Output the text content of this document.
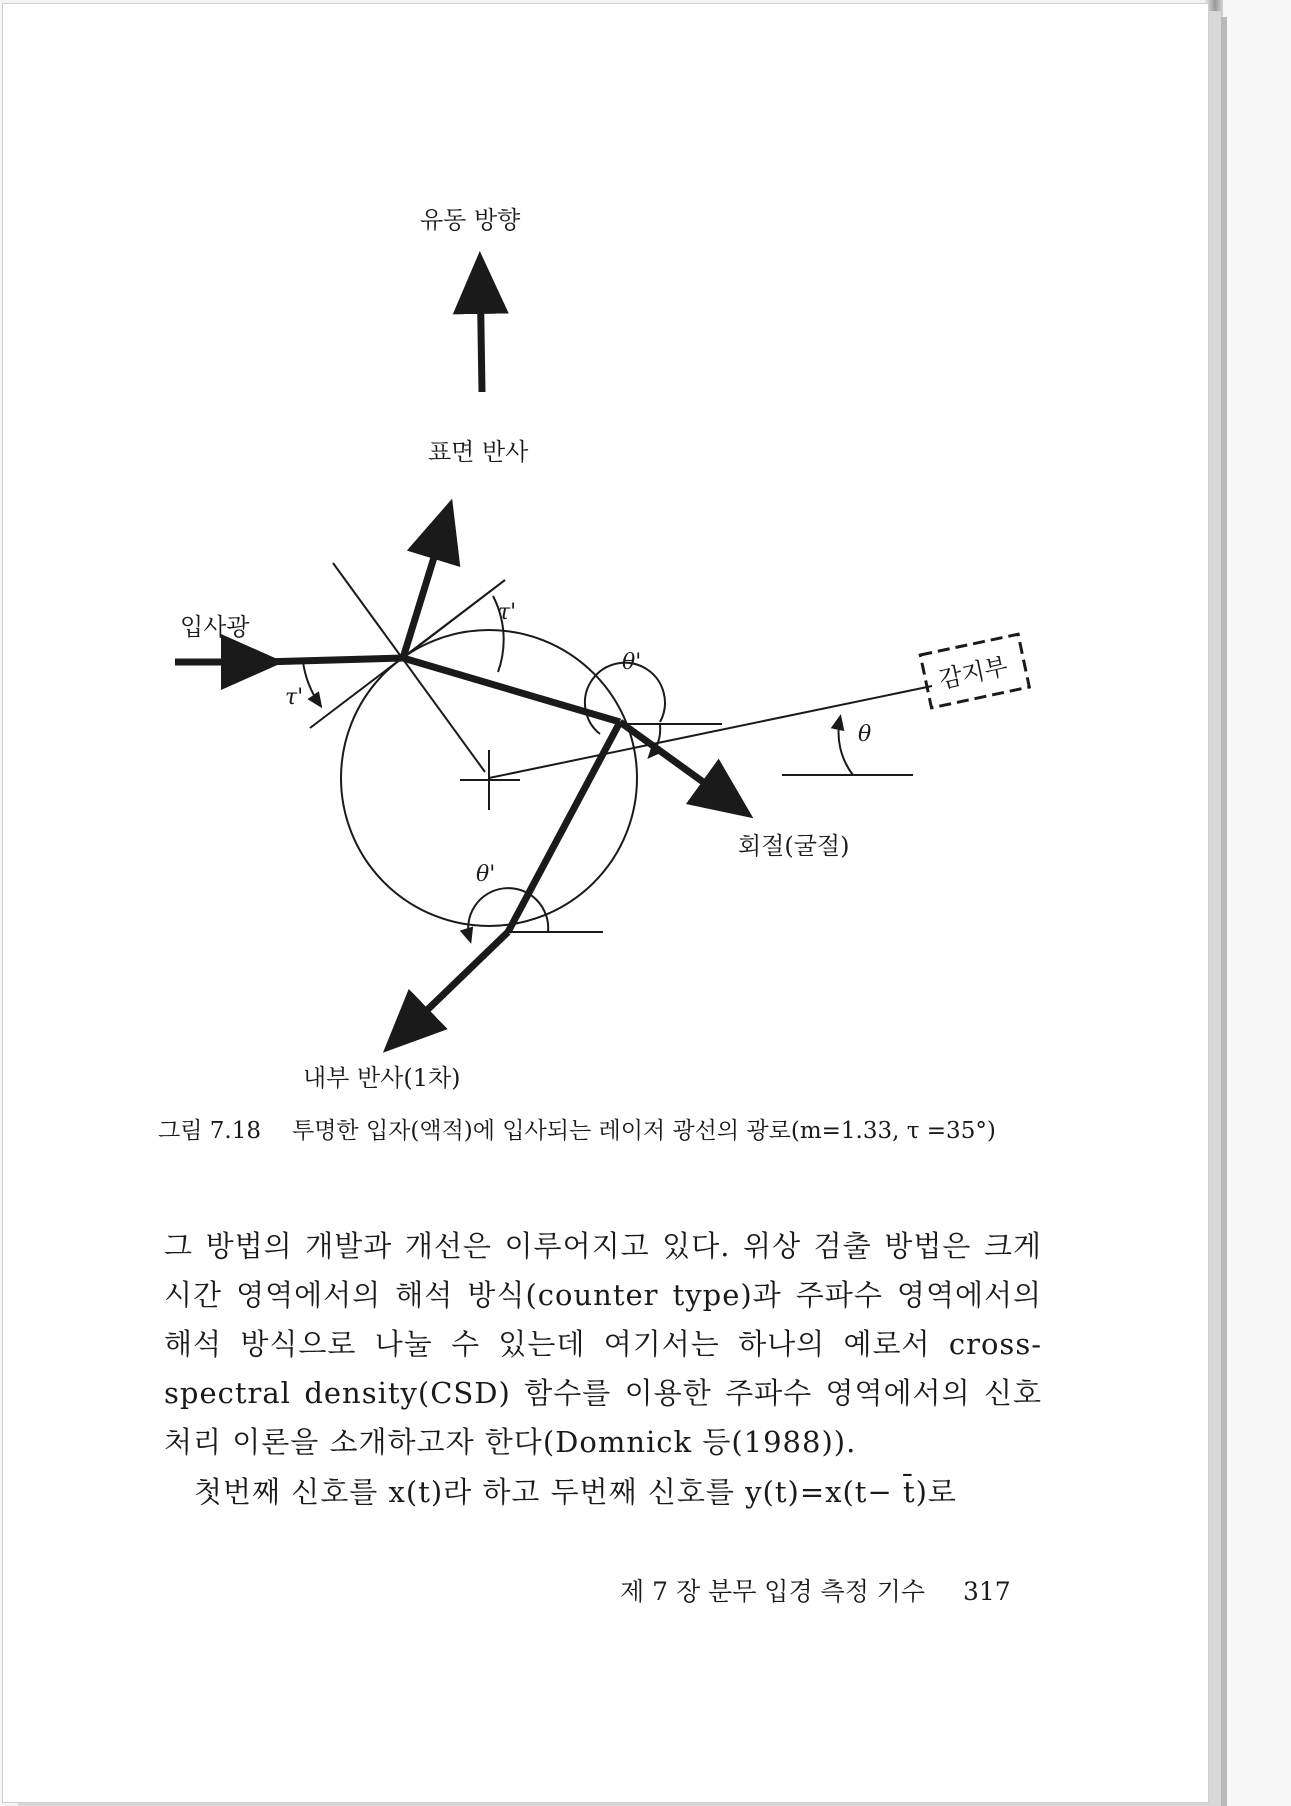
유동 방향
표면 반사
입사광
감지부
회절(굴절)
내부 반사(1차)
τ'
τ'
θ'
θ'
θ
그림 7.18 투명한 입자(액적)에 입사되는 레이저 광선의 광로(m=1.33, τ =35°)

그 방법의 개발과 개선은 이루어지고 있다. 위상 검출 방법은 크게 시간 영역에서의 해석 방식(counter type)과 주파수 영역에서의 해석 방식으로 나눌 수 있는데 여기서는 하나의 예로서 cross-spectral density(CSD) 함수를 이용한 주파수 영역에서의 신호 처리 이론을 소개하고자 한다(Domnick 등(1988)).

첫번째 신호를 x(t)라 하고 두번째 신호를 y(t)=x(t− t̄)로

제 7 장 분무 입경 측정 기수 317
